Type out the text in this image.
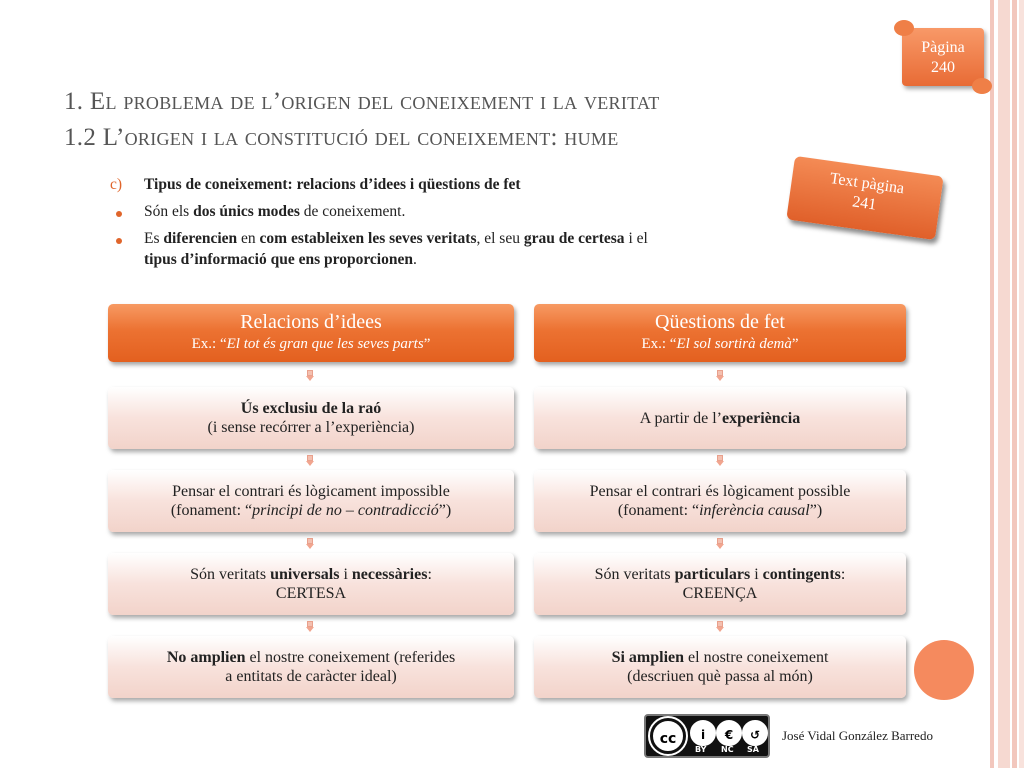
Pàgina
240
Text pàgina
241
1. El problema de l’origen del coneixement i la veritat
1.2 L’origen i la constitució del coneixement: hume
c) Tipus de coneixement: relacions d’idees i qüestions de fet
Són els dos únics modes de coneixement.
Es diferencien en com estableixen les seves veritats, el seu grau de certesa i el
tipus d’informació que ens proporcionen.
Relacions d’idees
Ex.: “El tot és gran que les seves parts”
Ús exclusiu de la raó
(i sense recórrer a l’experiència)
Pensar el contrari és lògicament impossible
(fonament: “principi de no – contradicció”)
Són veritats universals i necessàries:
CERTESA
No amplien el nostre coneixement (referides
a entitats de caràcter ideal)
Qüestions de fet
Ex.: “El sol sortirà demà”
A partir de l’experiència
Pensar el contrari és lògicament possible
(fonament: “inferència causal”)
Són veritats particulars i contingents:
CREENÇA
Si amplien el nostre coneixement
(descriuen què passa al món)
cc	i	€	↺
BY NC SA
José Vidal González Barredo
